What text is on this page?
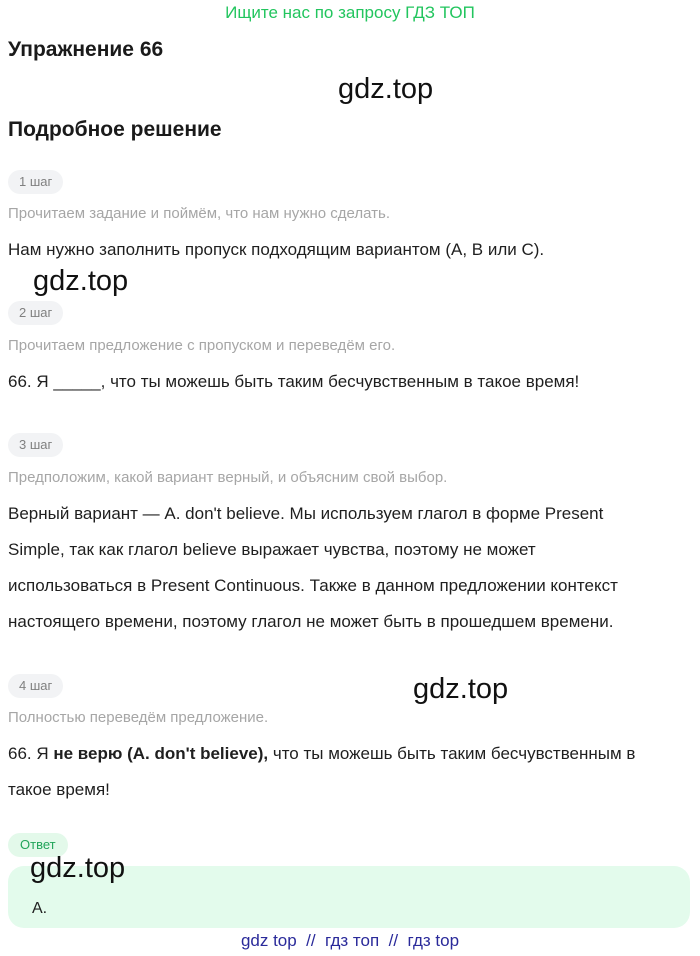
Ищите нас по запросу ГДЗ ТОП
Упражнение 66
gdz.top
Подробное решение
1 шаг
Прочитаем задание и поймём, что нам нужно сделать.
Нам нужно заполнить пропуск подходящим вариантом (A, B или C).
gdz.top
2 шаг
Прочитаем предложение с пропуском и переведём его.
66. Я _____, что ты можешь быть таким бесчувственным в такое время!
3 шаг
Предположим, какой вариант верный, и объясним свой выбор.
Верный вариант — A. don't believe. Мы используем глагол в форме Present
Simple, так как глагол believe выражает чувства, поэтому не может
использоваться в Present Continuous. Также в данном предложении контекст
настоящего времени, поэтому глагол не может быть в прошедшем времени.
4 шаг	gdz.top
Полностью переведём предложение.
66. Я не верю (A. don't believe), что ты можешь быть таким бесчувственным в
такое время!
Ответ
gdz.top
A.
gdz top  //  гдз топ  //  гдз top
